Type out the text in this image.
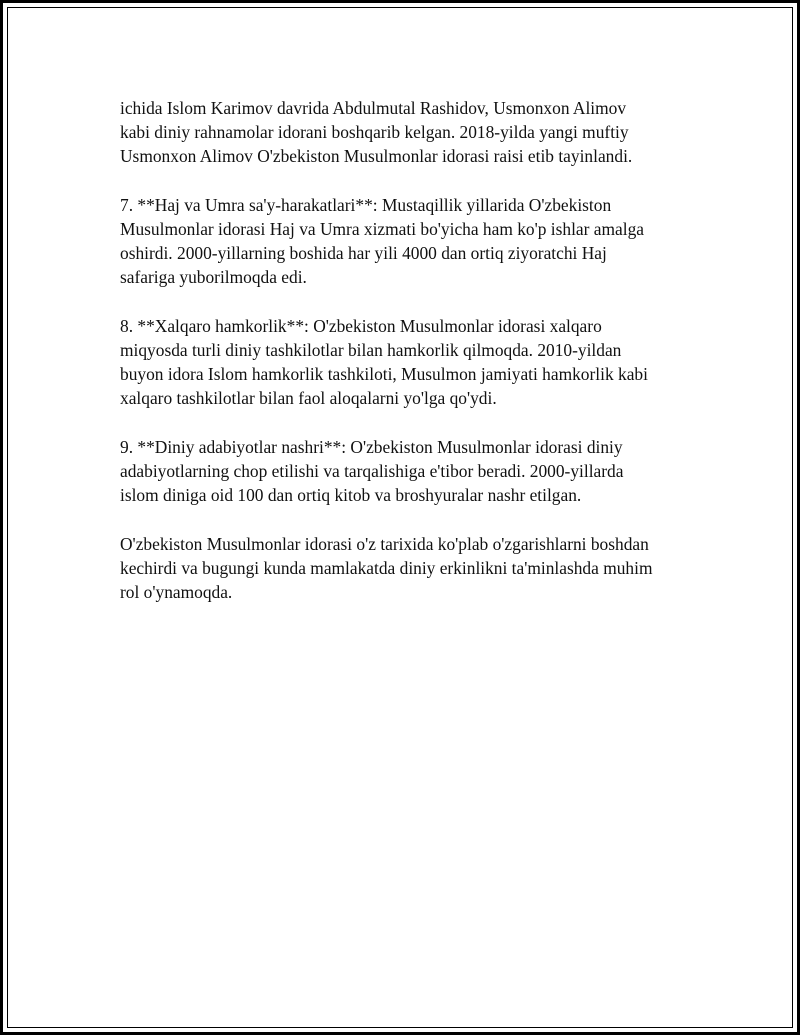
ichida Islom Karimov davrida Abdulmutal Rashidov, Usmonxon Alimov
kabi diniy rahnamolar idorani boshqarib kelgan. 2018-yilda yangi muftiy
Usmonxon Alimov O'zbekiston Musulmonlar idorasi raisi etib tayinlandi.

7. **Haj va Umra sa'y-harakatlari**: Mustaqillik yillarida O'zbekiston
Musulmonlar idorasi Haj va Umra xizmati bo'yicha ham ko'p ishlar amalga
oshirdi. 2000-yillarning boshida har yili 4000 dan ortiq ziyoratchi Haj
safariga yuborilmoqda edi.

8. **Xalqaro hamkorlik**: O'zbekiston Musulmonlar idorasi xalqaro
miqyosda turli diniy tashkilotlar bilan hamkorlik qilmoqda. 2010-yildan
buyon idora Islom hamkorlik tashkiloti, Musulmon jamiyati hamkorlik kabi
xalqaro tashkilotlar bilan faol aloqalarni yo'lga qo'ydi.

9. **Diniy adabiyotlar nashri**: O'zbekiston Musulmonlar idorasi diniy
adabiyotlarning chop etilishi va tarqalishiga e'tibor beradi. 2000-yillarda
islom diniga oid 100 dan ortiq kitob va broshyuralar nashr etilgan.

O'zbekiston Musulmonlar idorasi o'z tarixida ko'plab o'zgarishlarni boshdan
kechirdi va bugungi kunda mamlakatda diniy erkinlikni ta'minlashda muhim
rol o'ynamoqda.
